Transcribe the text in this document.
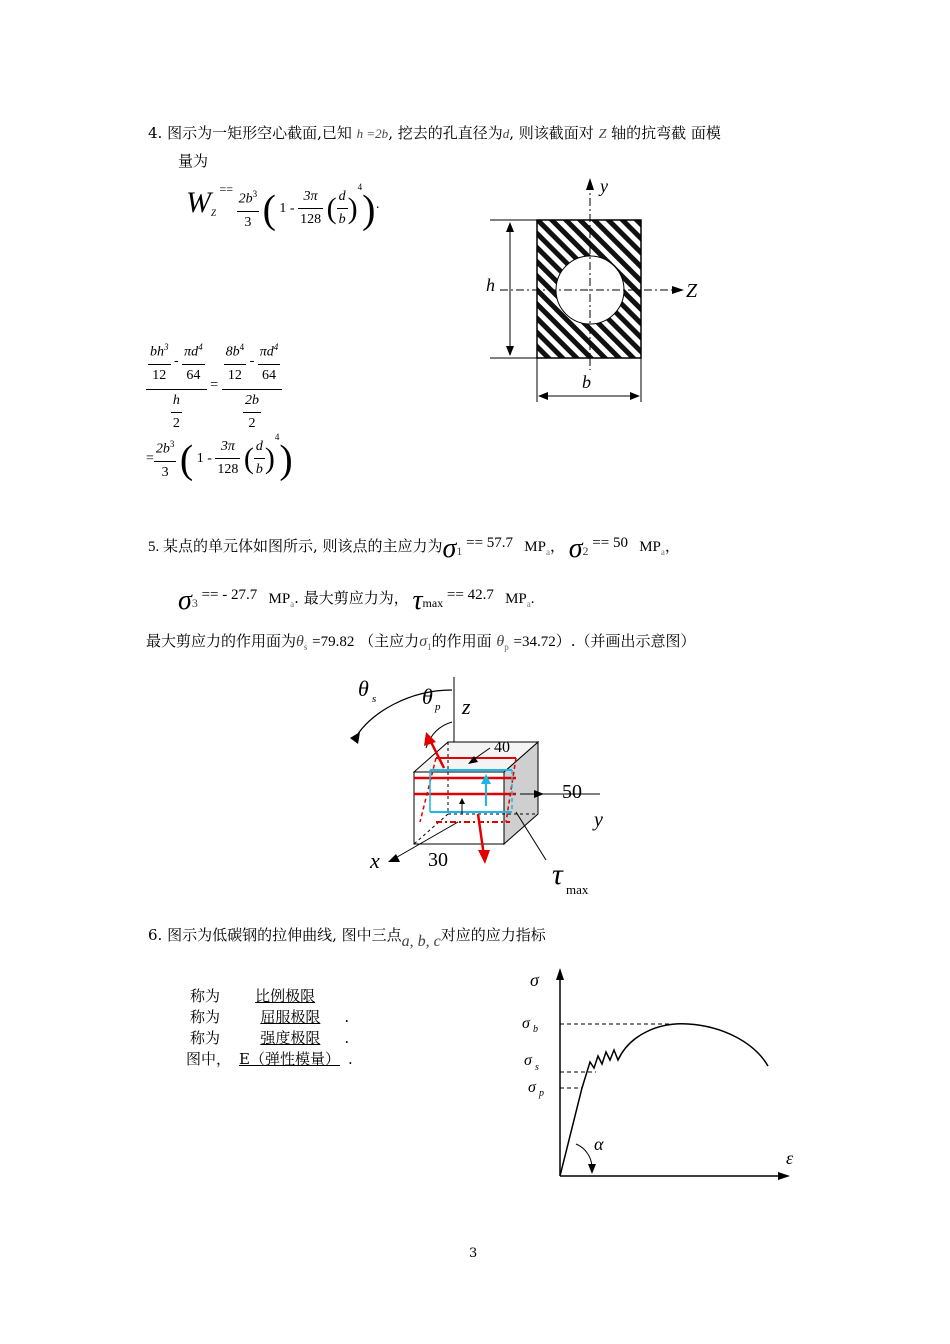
4. 图示为一矩形空心截面,已知 h =2b, 挖去的孔直径为d, 则该截面对 Z 轴的抗弯截 面模
量为
$W_Z == \frac{2b^3}{3}$ ( $1 - \frac{3\pi}{128}$ ( $\frac{d}{b} )^4)\cdot$
$\frac{\frac{bh^3}{12} - \frac{\pi d^4}{64}}{\frac{h}{2}} = \frac{\frac{8b^4}{12} - \frac{\pi d^4}{64}}{\frac{2b}{2}}$
= $\frac{2b^3}{3}$ ( $1 - \frac{3\pi}{128}$ ( $\frac{d}{b} )^4$)
y
Z
h
b
5. 某点的单元体如图所示, 则该点的主应力为$\sigma_1 == 57.7$ $MP_a$， $\sigma_2 == 50$ $MP_a$，
$\sigma_3$ == - 27.7 $MP_a$. 最大剪应力为， $\tau_{max} == 42.7$ $MP_a$.
最大剪应力的作用面为$\theta_s =79.82$ （主应力$\sigma_1$的作用面 $\theta_p =34.72$）.（并画出示意图）
θ s θ p z
40
50
y
x 30	τ max
6. 图示为低碳钢的拉伸曲线, 图中三点a, b, c对应的应力指标
称为 比例极限
称为	屈服极限 .
称为	强度极限 .
图中， E（弹性模量） .
σ
ε
σ b
σ s
σ p
α
3
